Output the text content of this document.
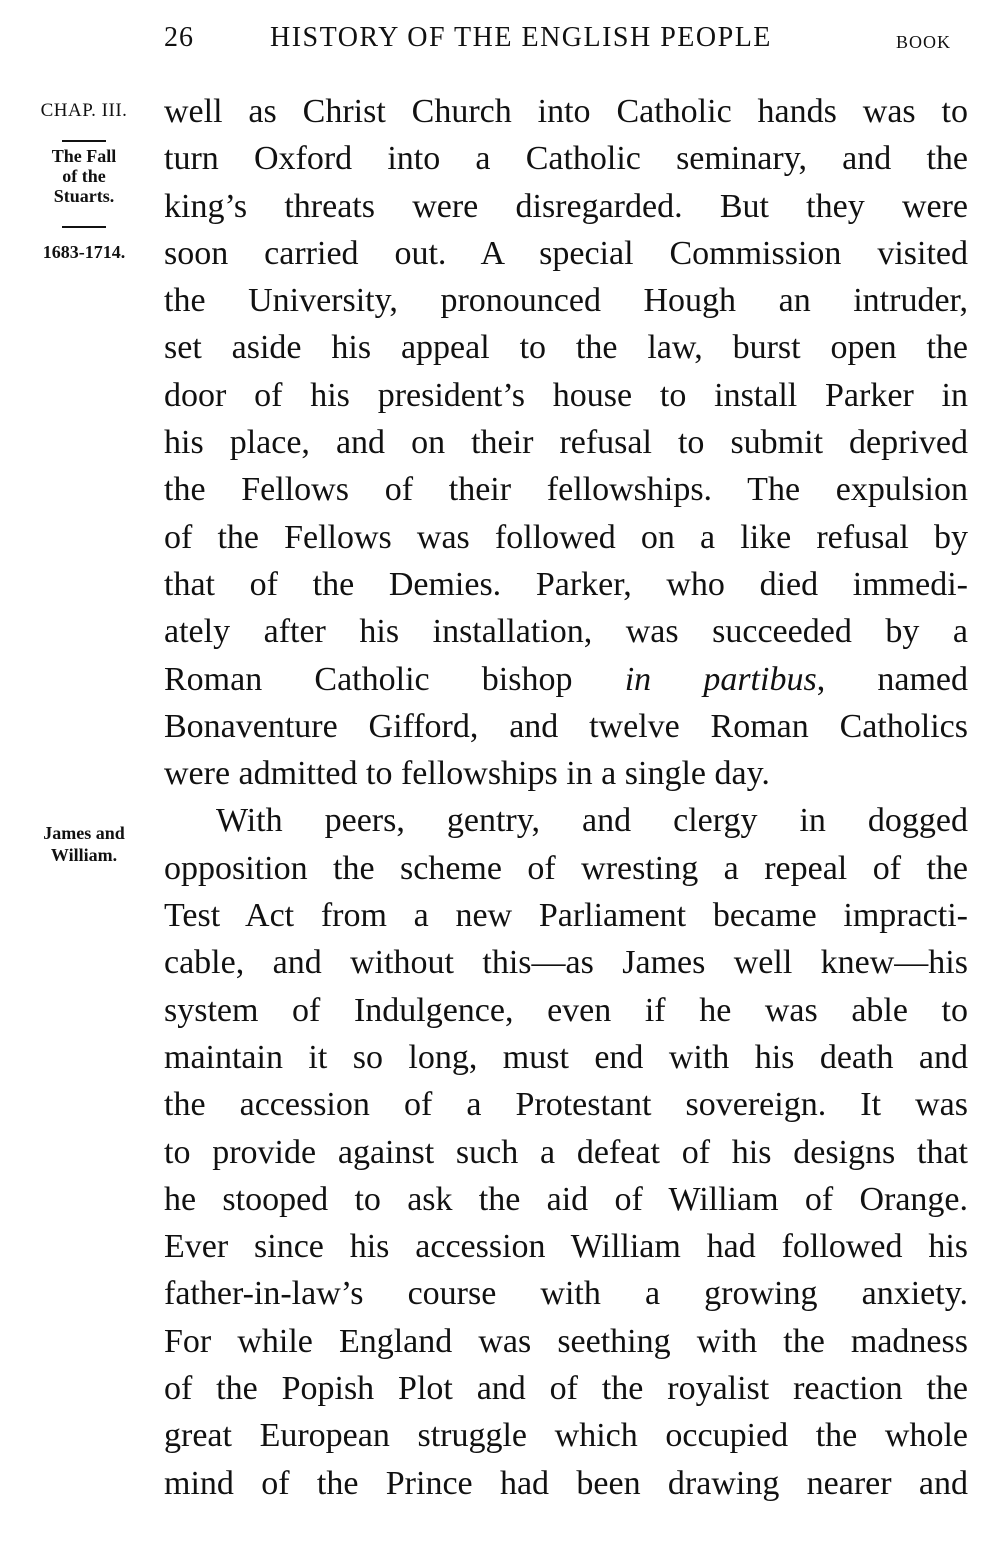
26	HISTORY OF THE ENGLISH PEOPLE	BOOK
CHAP. III.
The Fall
of the
Stuarts.
1683-1714.
James and
William.
well as Christ Church into Catholic hands was to
turn Oxford into a Catholic seminary, and the
king’s threats were disregarded. But they were
soon carried out. A special Commission visited
the University, pronounced Hough an intruder,
set aside his appeal to the law, burst open the
door of his president’s house to install Parker in
his place, and on their refusal to submit deprived
the Fellows of their fellowships. The expulsion
of the Fellows was followed on a like refusal by
that of the Demies. Parker, who died immedi-
ately after his installation, was succeeded by a
Roman Catholic bishop in partibus, named
Bonaventure Gifford, and twelve Roman Catholics
were admitted to fellowships in a single day.
With peers, gentry, and clergy in dogged
opposition the scheme of wresting a repeal of the
Test Act from a new Parliament became impracti-
cable, and without this—as James well knew—his
system of Indulgence, even if he was able to
maintain it so long, must end with his death and
the accession of a Protestant sovereign. It was
to provide against such a defeat of his designs that
he stooped to ask the aid of William of Orange.
Ever since his accession William had followed his
father-in-law’s course with a growing anxiety.
For while England was seething with the madness
of the Popish Plot and of the royalist reaction the
great European struggle which occupied the whole
mind of the Prince had been drawing nearer and
